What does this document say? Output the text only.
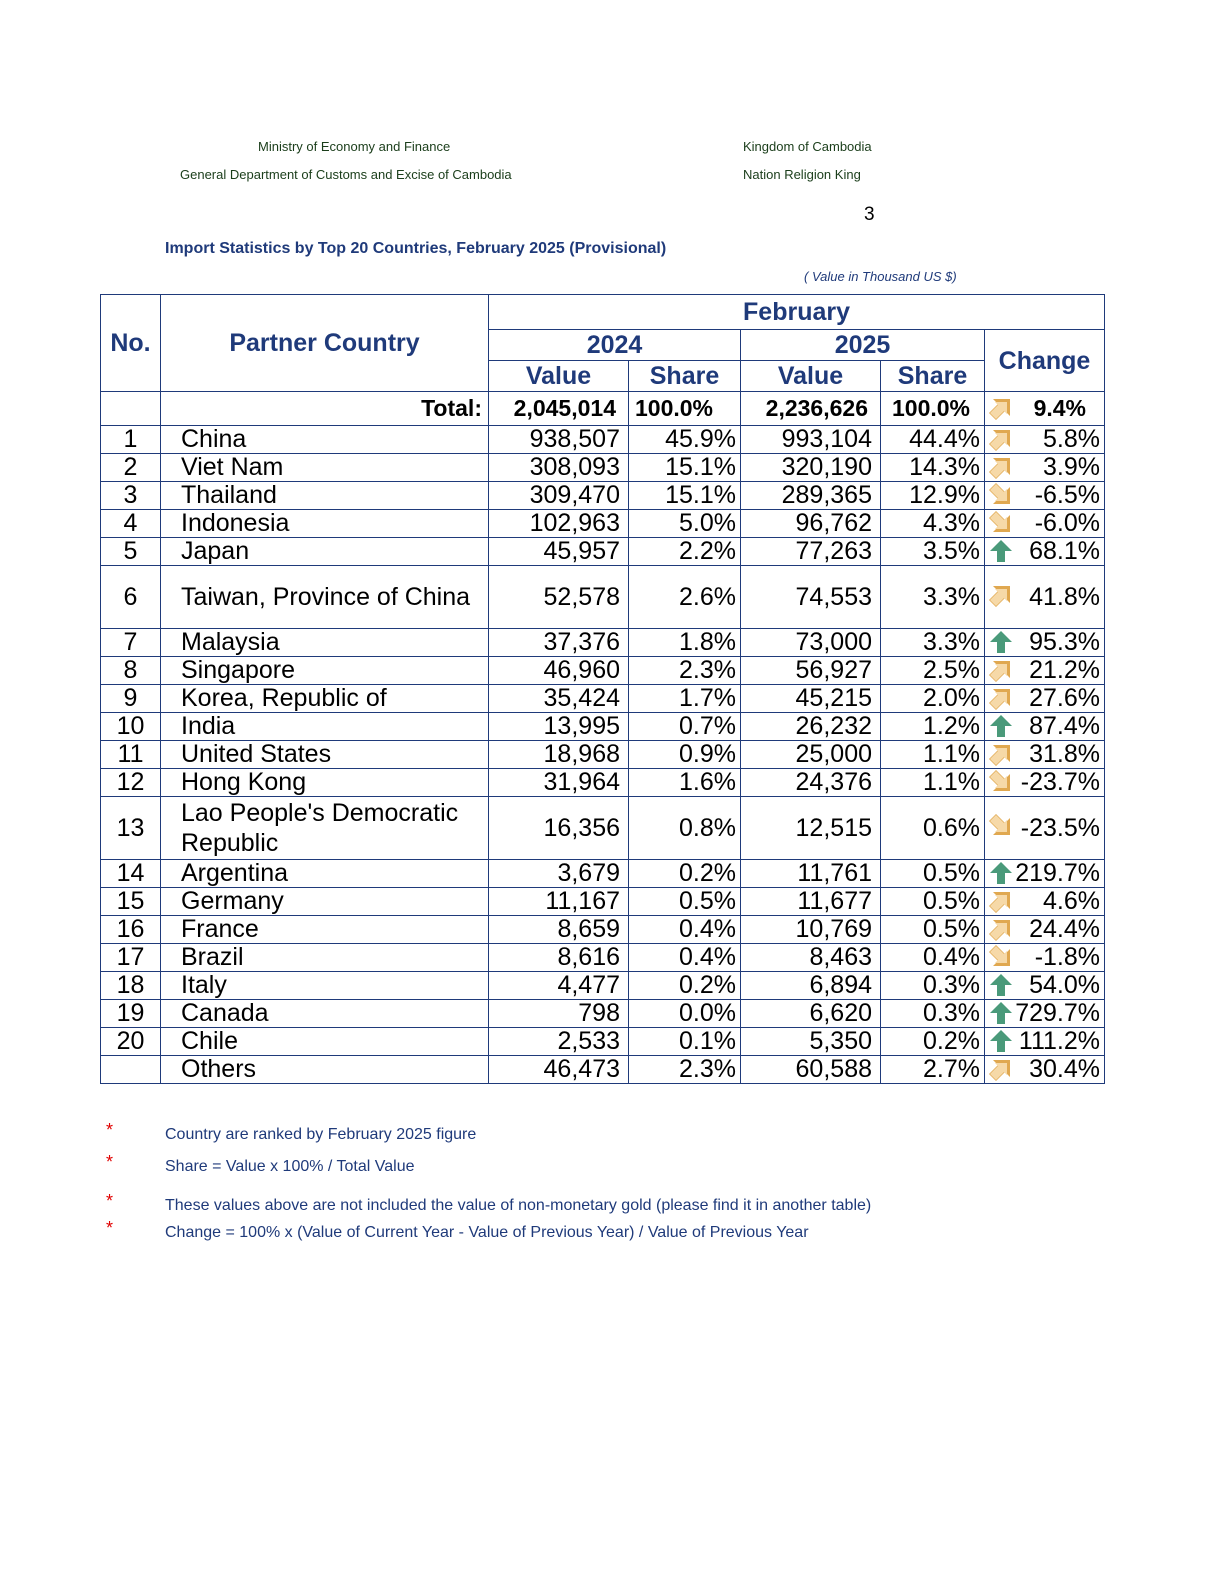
Ministry of Economy and Finance
General Department of Customs and Excise of Cambodia
Kingdom of Cambodia
Nation Religion King
3
Import Statistics by Top 20 Countries, February 2025 (Provisional)
( Value in Thousand US $)
No.	Partner Country	February				
		2024		2025		Change
		Value	Share	Value	Share	
	Total:	2,045,014	100.0%	2,236,626	100.0%	9.4%
1	China	938,507	45.9%	993,104	44.4%	5.8%
2	Viet Nam	308,093	15.1%	320,190	14.3%	3.9%
3	Thailand	309,470	15.1%	289,365	12.9%	-6.5%
4	Indonesia	102,963	5.0%	96,762	4.3%	-6.0%
5	Japan	45,957	2.2%	77,263	3.5%	68.1%
6	Taiwan, Province of China	52,578	2.6%	74,553	3.3%	41.8%
7	Malaysia	37,376	1.8%	73,000	3.3%	95.3%
8	Singapore	46,960	2.3%	56,927	2.5%	21.2%
9	Korea, Republic of	35,424	1.7%	45,215	2.0%	27.6%
10	India	13,995	0.7%	26,232	1.2%	87.4%
11	United States	18,968	0.9%	25,000	1.1%	31.8%
12	Hong Kong	31,964	1.6%	24,376	1.1%	-23.7%
13	Lao People's Democratic Republic	16,356	0.8%	12,515	0.6%	-23.5%
14	Argentina	3,679	0.2%	11,761	0.5%	219.7%
15	Germany	11,167	0.5%	11,677	0.5%	4.6%
16	France	8,659	0.4%	10,769	0.5%	24.4%
17	Brazil	8,616	0.4%	8,463	0.4%	-1.8%
18	Italy	4,477	0.2%	6,894	0.3%	54.0%
19	Canada	798	0.0%	6,620	0.3%	729.7%
20	Chile	2,533	0.1%	5,350	0.2%	111.2%
	Others	46,473	2.3%	60,588	2.7%	30.4%
*	Country are ranked by February 2025 figure
*	Share = Value x 100% / Total Value
*	These values above are not included the value of non-monetary gold (please find it in another table)
*	Change = 100% x (Value of Current Year - Value of Previous Year) / Value of Previous Year
